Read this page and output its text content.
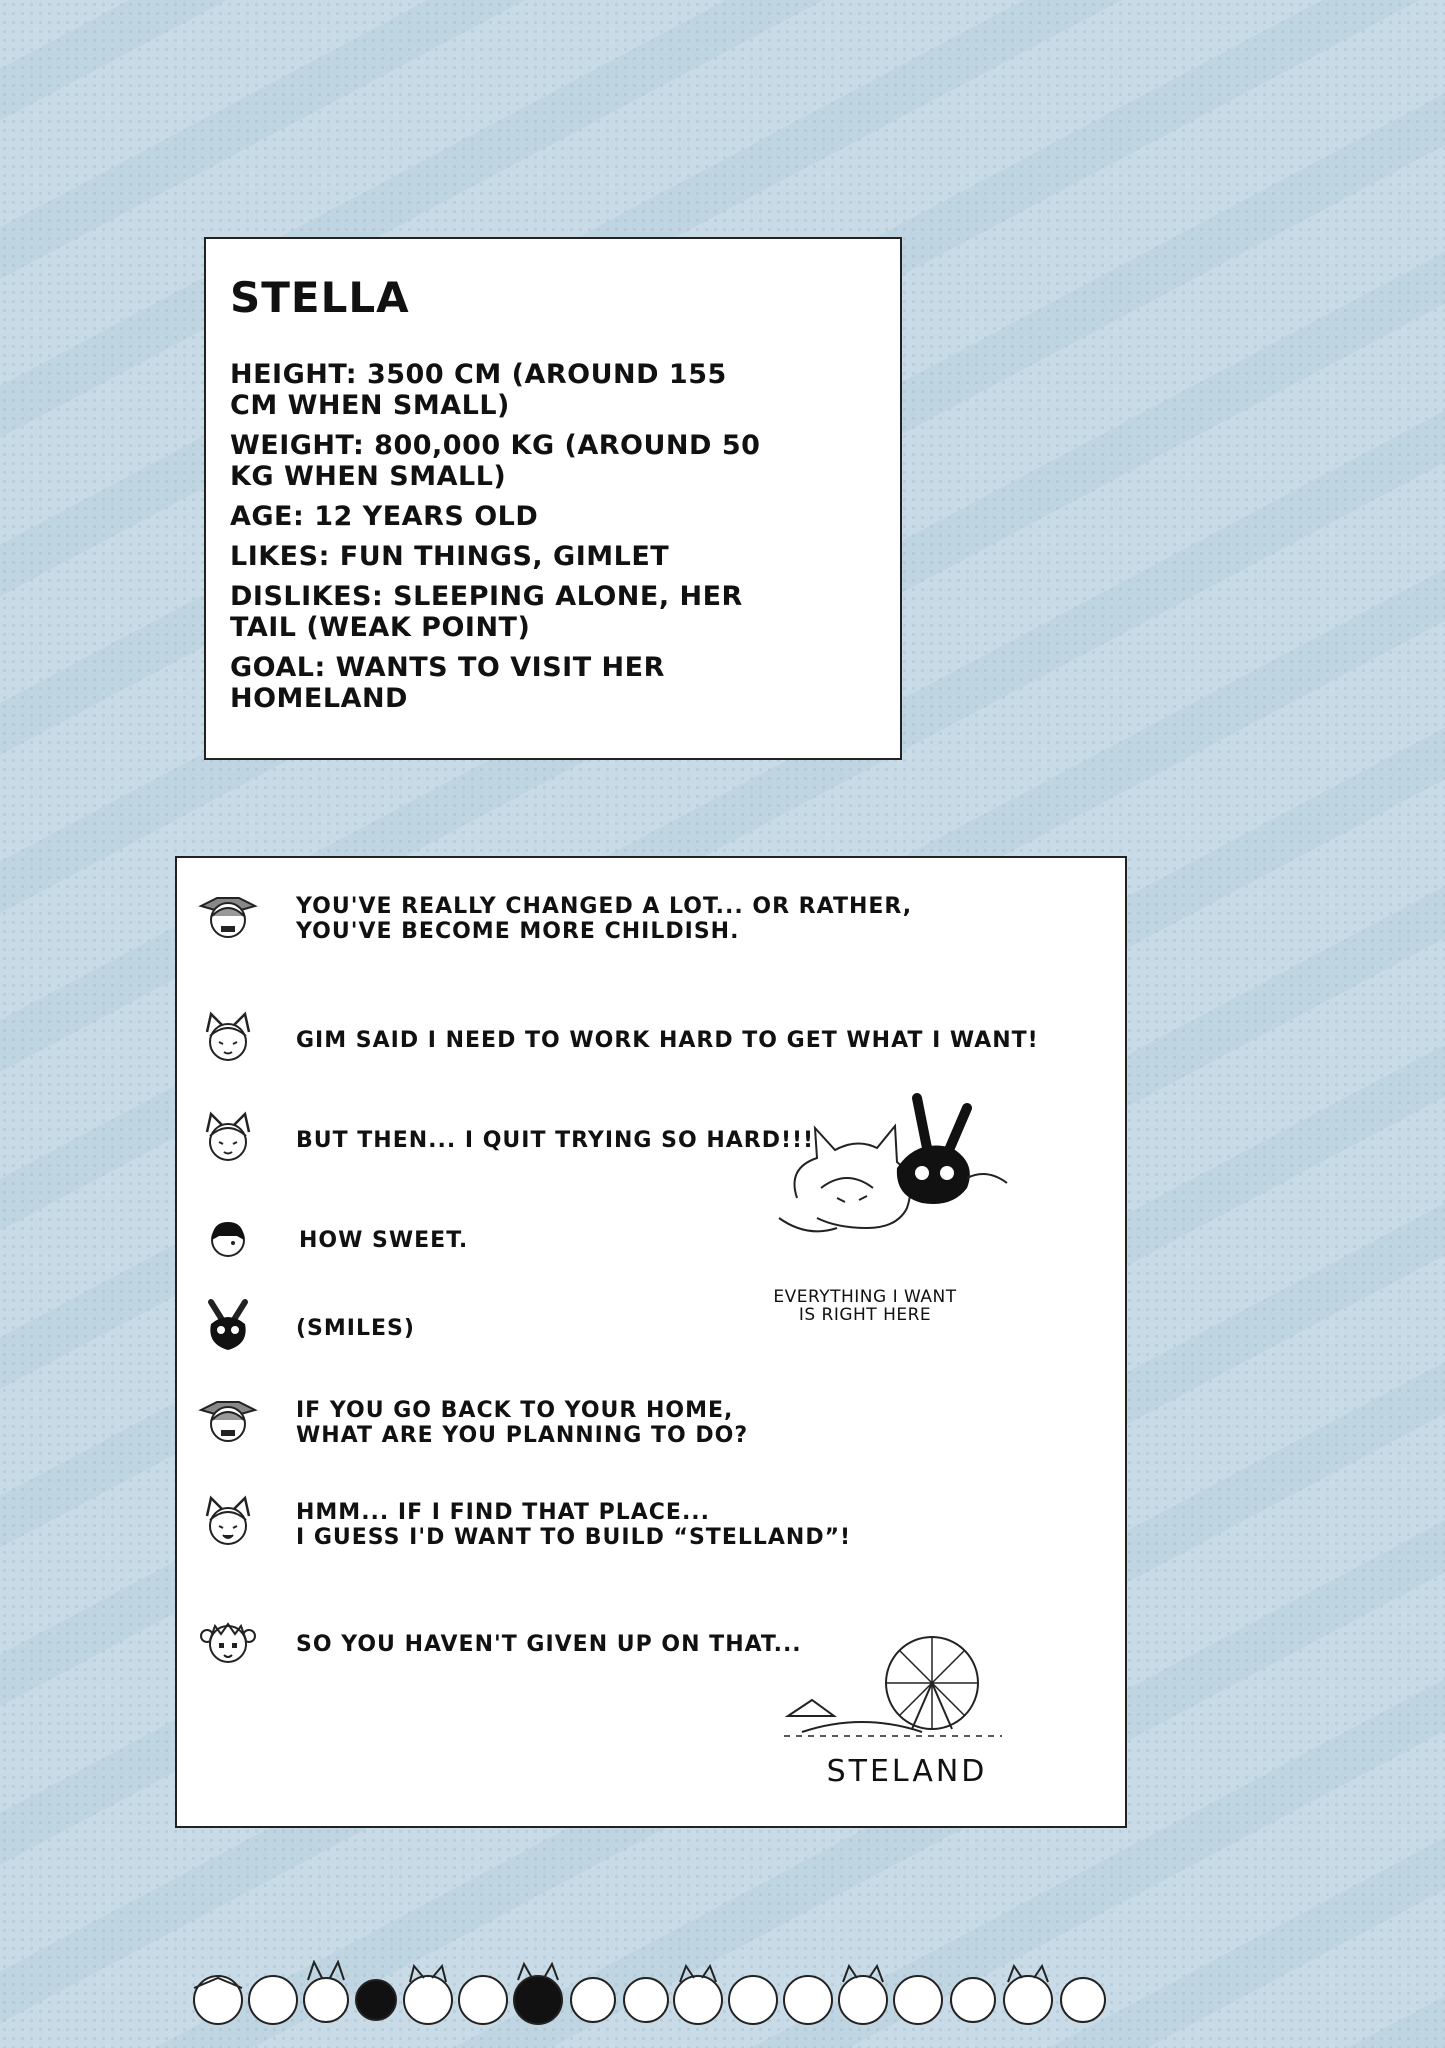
STELLA
HEIGHT: 3500 CM (AROUND 155 CM WHEN SMALL)
WEIGHT: 800,000 KG (AROUND 50 KG WHEN SMALL)
AGE: 12 YEARS OLD
LIKES: FUN THINGS, GIMLET
DISLIKES: SLEEPING ALONE, HER TAIL (WEAK POINT)
GOAL: WANTS TO VISIT HER HOMELAND
YOU'VE REALLY CHANGED A LOT... OR RATHER,
YOU'VE BECOME MORE CHILDISH.
GIM SAID I NEED TO WORK HARD TO GET WHAT I WANT!
BUT THEN... I QUIT TRYING SO HARD!!!
HOW SWEET.
(SMILES)
IF YOU GO BACK TO YOUR HOME,
WHAT ARE YOU PLANNING TO DO?
HMM... IF I FIND THAT PLACE...
I GUESS I'D WANT TO BUILD “STELLAND”!
SO YOU HAVEN'T GIVEN UP ON THAT...
EVERYTHING I WANT
IS RIGHT HERE
STELAND
